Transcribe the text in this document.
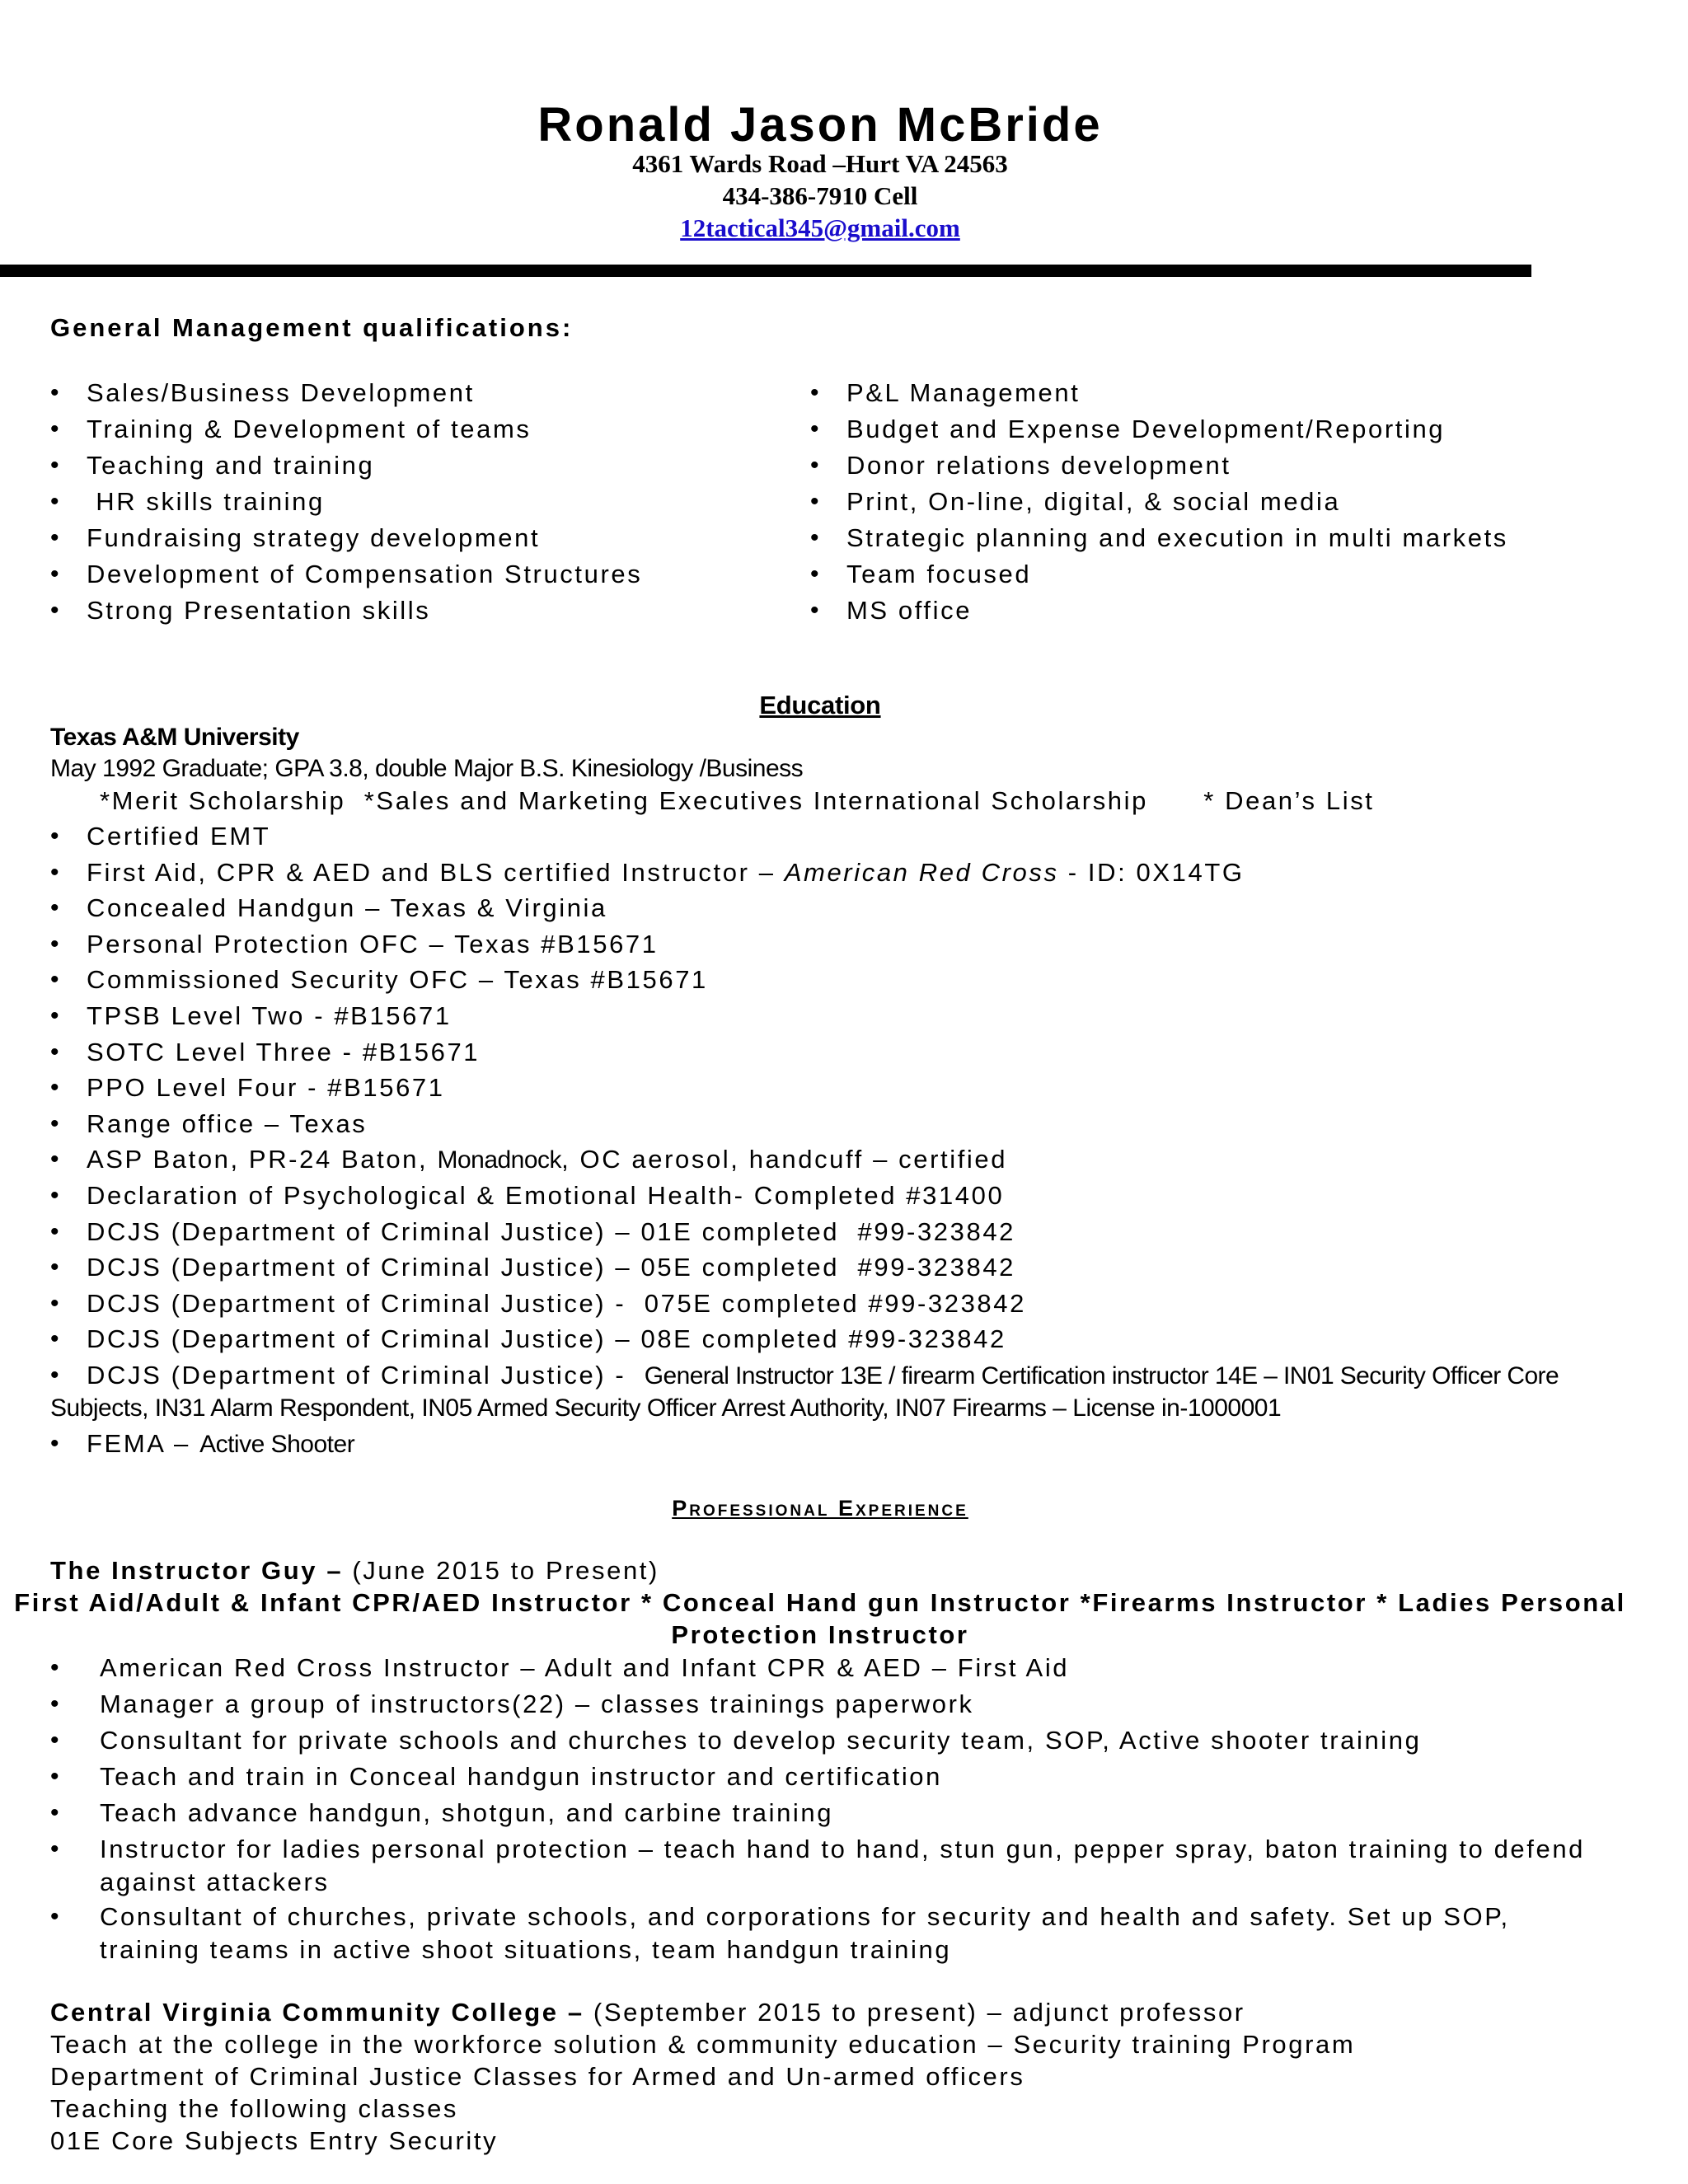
Ronald Jason McBride
4361 Wards Road –Hurt VA 24563
434-386-7910 Cell
12tactical345@gmail.com
General Management qualifications:
• Sales/Business Development
• Training & Development of teams
• Teaching and training
•  HR skills training
• Fundraising strategy development
• Development of Compensation Structures
• Strong Presentation skills
• P&L Management
• Budget and Expense Development/Reporting
• Donor relations development
• Print, On-line, digital, & social media
• Strategic planning and execution in multi markets
• Team focused
• MS office
Education
Texas A&M University
May 1992 Graduate; GPA 3.8, double Major B.S. Kinesiology /Business
*Merit Scholarship  *Sales and Marketing Executives International Scholarship      * Dean’s List
• Certified EMT
• First Aid, CPR & AED and BLS certified Instructor – American Red Cross - ID: 0X14TG
• Concealed Handgun – Texas & Virginia
• Personal Protection OFC – Texas #B15671
• Commissioned Security OFC – Texas #B15671
• TPSB Level Two - #B15671
• SOTC Level Three - #B15671
• PPO Level Four - #B15671
• Range office – Texas
• ASP Baton, PR-24 Baton, Monadnock, OC aerosol, handcuff – certified
• Declaration of Psychological & Emotional Health- Completed #31400
• DCJS (Department of Criminal Justice) – 01E completed  #99-323842
• DCJS (Department of Criminal Justice) – 05E completed  #99-323842
• DCJS (Department of Criminal Justice) -  075E completed #99-323842
• DCJS (Department of Criminal Justice) – 08E completed #99-323842
• DCJS (Department of Criminal Justice) -  General Instructor 13E / firearm Certification instructor 14E – IN01 Security Officer Core
Subjects, IN31 Alarm Respondent, IN05 Armed Security Officer Arrest Authority, IN07 Firearms – License in-1000001
• FEMA – Active Shooter
Professional Experience
The Instructor Guy – (June 2015 to Present)
First Aid/Adult & Infant CPR/AED Instructor * Conceal Hand gun Instructor *Firearms Instructor * Ladies Personal
Protection Instructor
• American Red Cross Instructor – Adult and Infant CPR & AED – First Aid
• Manager a group of instructors(22) – classes trainings paperwork
• Consultant for private schools and churches to develop security team, SOP, Active shooter training
• Teach and train in Conceal handgun instructor and certification
• Teach advance handgun, shotgun, and carbine training
• Instructor for ladies personal protection – teach hand to hand, stun gun, pepper spray, baton training to defend against attackers
• Consultant of churches, private schools, and corporations for security and health and safety. Set up SOP, training teams in active shoot situations, team handgun training
Central Virginia Community College – (September 2015 to present) – adjunct professor
Teach at the college in the workforce solution & community education – Security training Program
Department of Criminal Justice Classes for Armed and Un-armed officers
Teaching the following classes
01E Core Subjects Entry Security
